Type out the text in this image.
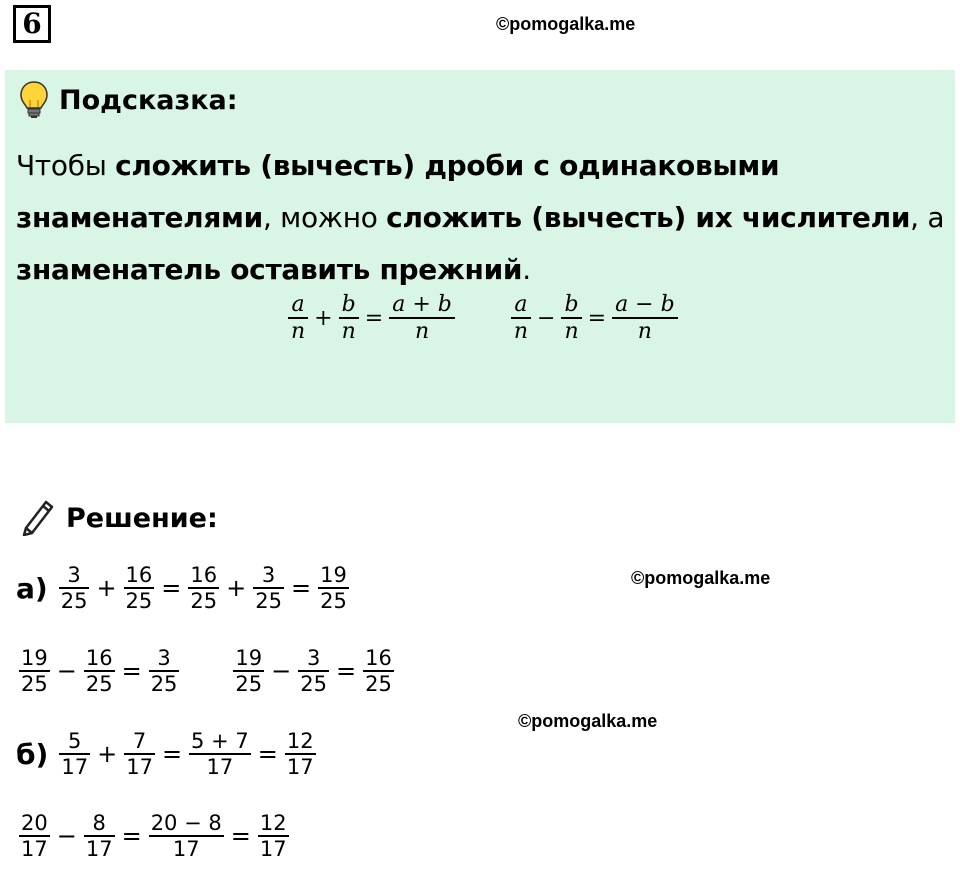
6	©pomogalka.me
Подсказка:
Чтобы сложить (вычесть) дроби с одинаковыми знаменателями, можно сложить (вычесть) их числители, а знаменатель оставить прежний.
$\frac{a}{n} + \frac{b}{n} = \frac{a + b}{n}$	$\frac{a}{n} - \frac{b}{n} = \frac{a - b}{n}$
Решение:
©pomogalka.me
©pomogalka.me
$а) \frac{3}{25} + \frac{16}{25} = \frac{16}{25} + \frac{3}{25} = \frac{19}{25}$
$\frac{19}{25} - \frac{16}{25} = \frac{3}{25}$	$\frac{19}{25} - \frac{3}{25} = \frac{16}{25}$
$б) \frac{5}{17} + \frac{7}{17} = \frac{5 + 7}{17} = \frac{12}{17}$
$\frac{20}{17} - \frac{8}{17} = \frac{20 - 8}{17} = \frac{12}{17}$
